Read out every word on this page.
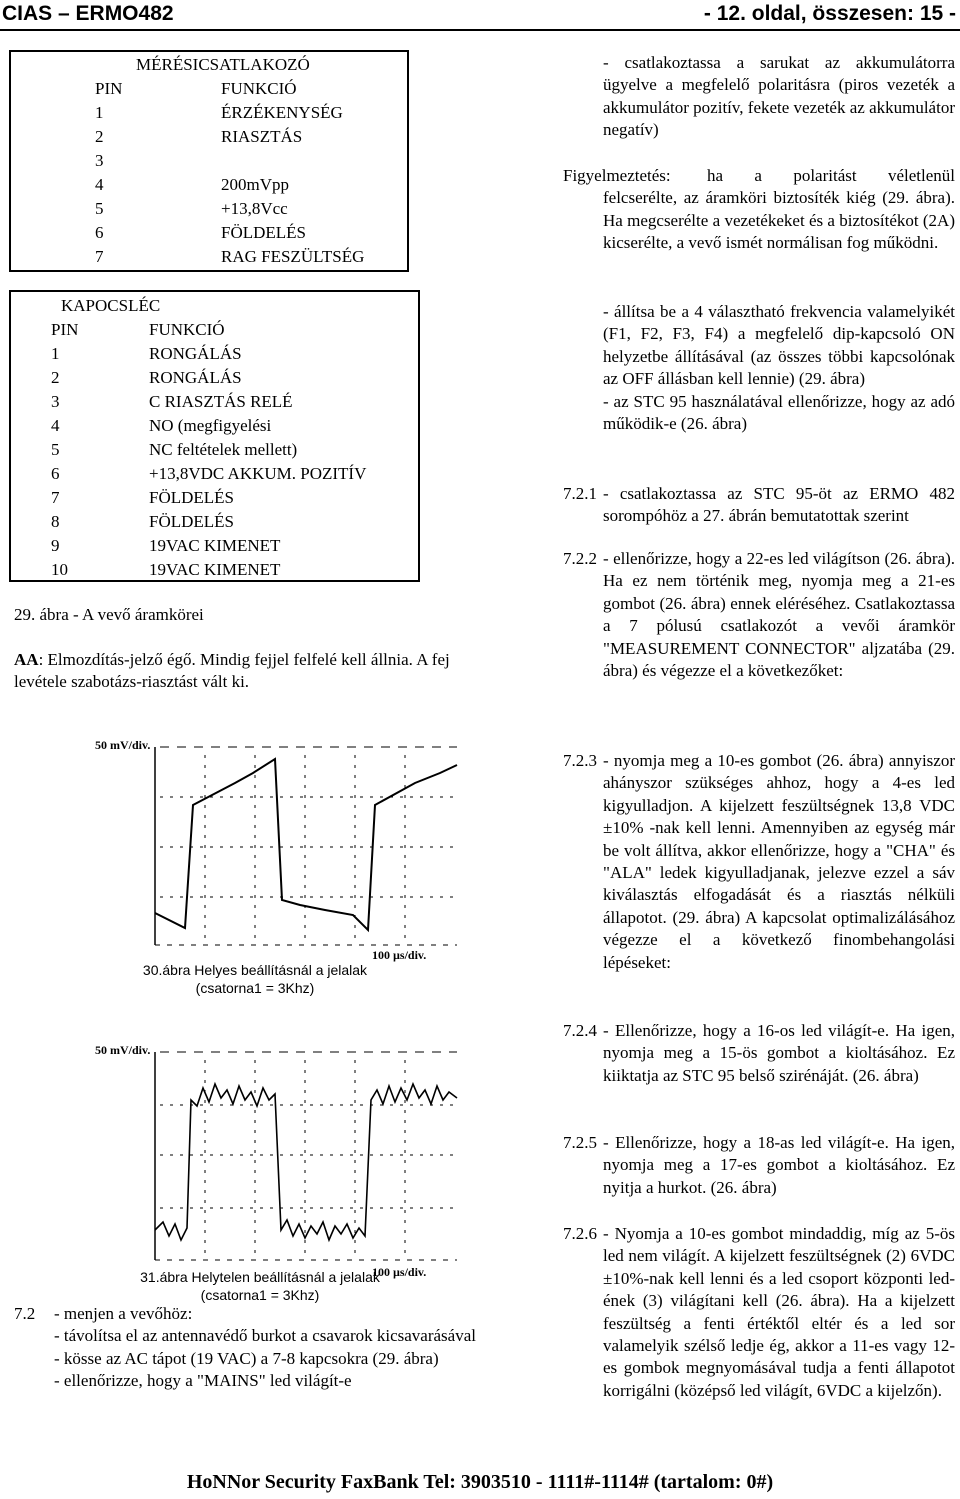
CIAS – ERMO482	- 12. oldal, összesen: 15 -
MÉRÉSICSATLAKOZÓ
PIN	FUNKCIÓ
1	ÉRZÉKENYSÉG
2	RIASZTÁS
3
4	200mVpp
5	+13,8Vcc
6	FÖLDELÉS
7	RAG FESZÜLTSÉG
KAPOCSLÉC
PIN	FUNKCIÓ
1	RONGÁLÁS
2	RONGÁLÁS
3	C RIASZTÁS RELÉ
4	NO (megfigyelési
5	NC feltételek mellett)
6	+13,8VDC AKKUM. POZITÍV
7	FÖLDELÉS
8	FÖLDELÉS
9	19VAC KIMENET
10	19VAC KIMENET
29. ábra - A vevő áramkörei
AA: Elmozdítás-jelző égő. Mindig fejjel felfelé kell állnia. A fej levétele szabotázs-riasztást vált ki.
50 mV/div.
100 µs/div.
30.ábra Helyes beállításnál a jelalak
(csatorna1 = 3Khz)
50 mV/div.
100 µs/div.
31.ábra Helytelen beállításnál a jelalak
(csatorna1 = 3Khz)
7.2 - menjen a vevőhöz:
- távolítsa el az antennavédő burkot a csavarok kicsavarásával
- kösse az AC tápot (19 VAC) a 7-8 kapcsokra (29. ábra)
- ellenőrizze, hogy a "MAINS" led világít-e
- csatlakoztassa a sarukat az akkumulátorra ügyelve a megfelelő polaritásra (piros vezeték a akkumulátor pozitív, fekete vezeték az akkumulátor negatív)
Figyelmeztetés: ha a polaritást véletlenül
felcserélte, az áramköri biztosíték kiég (29. ábra). Ha megcserélte a vezetékeket és a biztosítékot (2A) kicserélte, a vevő ismét normálisan fog működni.

- állítsa be a 4 választható frekvencia valamelyikét (F1, F2, F3, F4) a megfelelő dip-kapcsoló ON helyzetbe állításával (az összes többi kapcsolónak az OFF állásban kell lennie) (29. ábra)

- az STC 95 használatával ellenőrizze, hogy az adó működik-e (26. ábra)

7.2.1 - csatlakoztassa az STC 95-öt az ERMO 482 sorompóhöz a 27. ábrán bemutatottak szerint
7.2.2 - ellenőrizze, hogy a 22-es led világítson (26. ábra). Ha ez nem történik meg, nyomja meg a 21-es gombot (26. ábra) ennek eléréséhez. Csatlakoztassa a 7 pólusú csatlakozót a vevői áramkör "MEASUREMENT CONNECTOR" aljzatába (29. ábra) és végezze el a következőket:
7.2.3 - nyomja meg a 10-es gombot (26. ábra) annyiszor ahányszor szükséges ahhoz, hogy a 4-es led kigyulladjon. A kijelzett feszültségnek 13,8 VDC ±10% -nak kell lenni. Amennyiben az egység már be volt állítva, akkor ellenőrizze, hogy a "CHA" és "ALA" ledek kigyulladjanak, jelezve ezzel a sáv kiválasztás elfogadását és a riasztás nélküli állapotot. (29. ábra) A kapcsolat optimalizálásához végezze el a következő finombehangolási lépéseket:
7.2.4 - Ellenőrizze, hogy a 16-os led világít-e. Ha igen, nyomja meg a 15-ös gombot a kioltásához. Ez kiiktatja az STC 95 belső szirénáját. (26. ábra)
7.2.5 - Ellenőrizze, hogy a 18-as led világít-e. Ha igen, nyomja meg a 17-es gombot a kioltásához. Ez nyitja a hurkot. (26. ábra)
7.2.6 - Nyomja a 10-es gombot mindaddig, míg az 5-ös led nem világít. A kijelzett feszültségnek (2) 6VDC ±10%-nak kell lenni és a led csoport központi led-ének (3) világítani kell (26. ábra). Ha a kijelzett feszültség a fenti értéktől eltér és a led sor valamelyik szélső ledje ég, akkor a 11-es vagy 12-es gombok megnyomásával tudja a fenti állapotot korrigálni (középső led világít, 6VDC a kijelzőn).
HoNNor Security FaxBank Tel: 3903510 - 1111#-1114# (tartalom: 0#)
